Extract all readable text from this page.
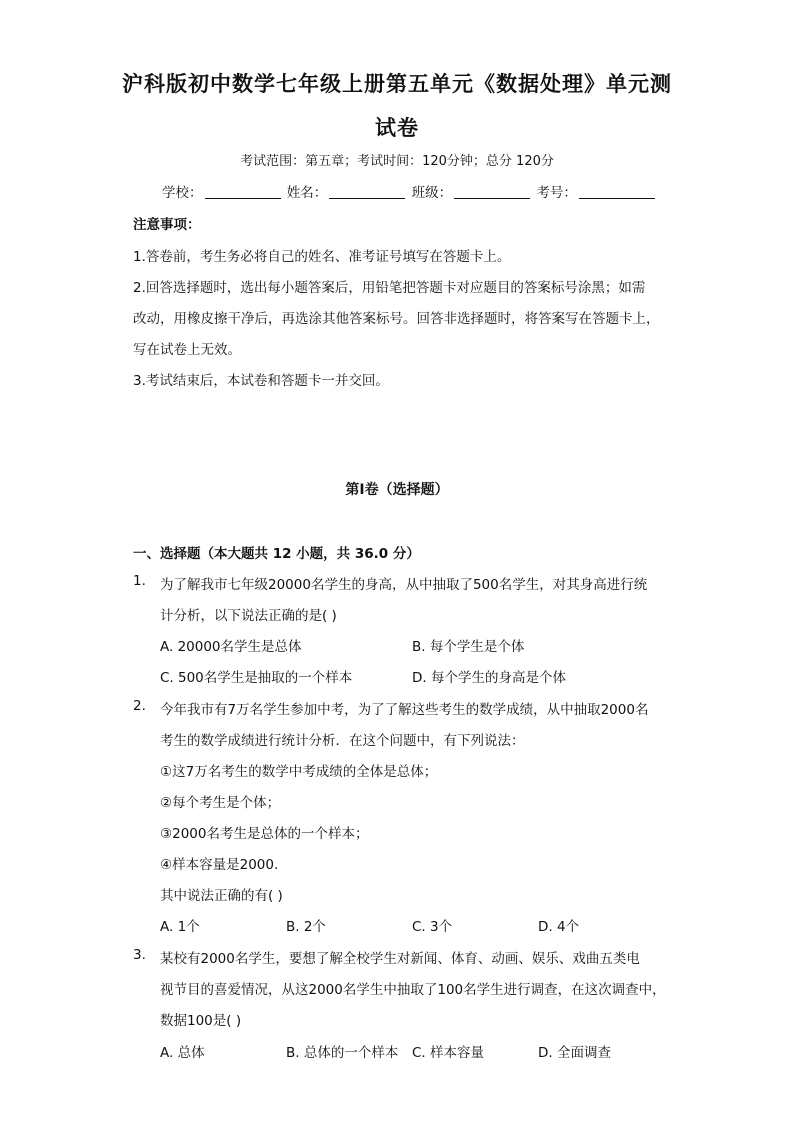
沪科版初中数学七年级上册第五单元《数据处理》单元测
试卷
考试范围：第五章；考试时间：120分钟；总分 120分
学校：	姓名：	班级：	考号：
注意事项：
1.答卷前，考生务必将自己的姓名、准考证号填写在答题卡上。
2.回答选择题时，选出每小题答案后，用铅笔把答题卡对应题目的答案标号涂黑；如需
改动，用橡皮擦干净后，再选涂其他答案标号。回答非选择题时，将答案写在答题卡上，
写在试卷上无效。
3.考试结束后，本试卷和答题卡一并交回。
第Ⅰ卷（选择题）
一、选择题（本大题共 12 小题，共 36.0 分）
1. 为了解我市七年级20000名学生的身高，从中抽取了500名学生，对其身高进行统
计分析，以下说法正确的是( )
A. 20000名学生是总体	B. 每个学生是个体
C. 500名学生是抽取的一个样本	D. 每个学生的身高是个体
2. 今年我市有7万名学生参加中考，为了了解这些考生的数学成绩，从中抽取2000名
考生的数学成绩进行统计分析．在这个问题中，有下列说法：
①这7万名考生的数学中考成绩的全体是总体；
②每个考生是个体；
③2000名考生是总体的一个样本；
④样本容量是2000.
其中说法正确的有( )
A. 1个	B. 2个	C. 3个	D. 4个
3. 某校有2000名学生，要想了解全校学生对新闻、体育、动画、娱乐、戏曲五类电
视节目的喜爱情况，从这2000名学生中抽取了100名学生进行调查，在这次调查中，
数据100是( )
A. 总体	B. 总体的一个样本 C. 样本容量	D. 全面调查
